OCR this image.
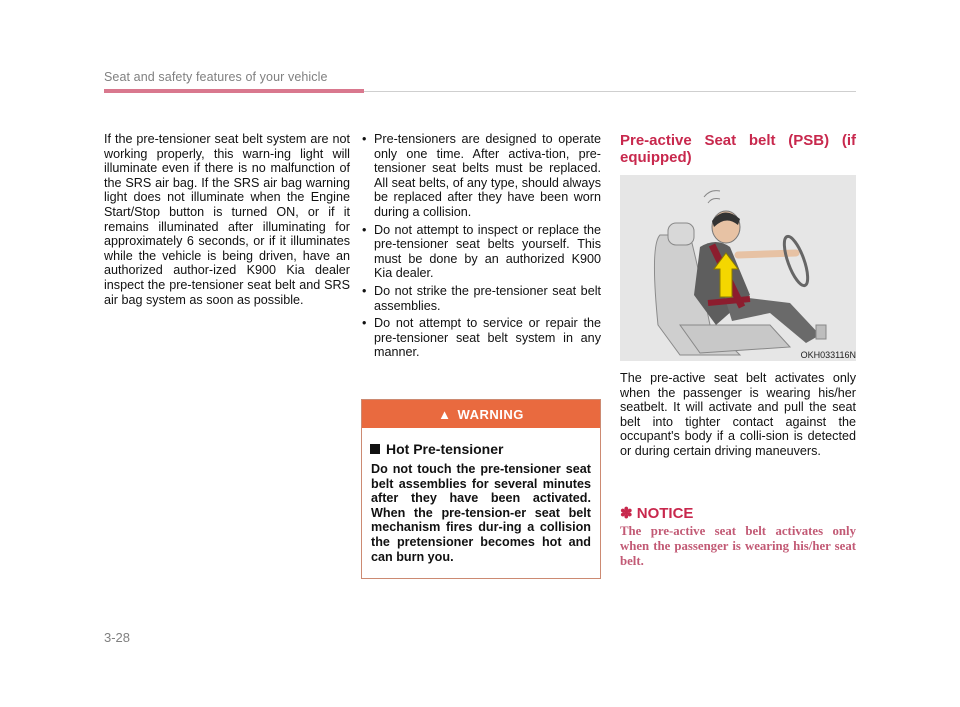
Seat and safety features of your vehicle

If the pre-tensioner seat belt system are not working properly, this warn-ing light will illuminate even if there is no malfunction of the SRS air bag. If the SRS air bag warning light does not illuminate when the Engine Start/Stop button is turned ON, or if it remains illuminated after illuminating for approximately 6 seconds, or if it illuminates while the vehicle is being driven, have an authorized author-ized K900 Kia dealer inspect the pre-tensioner seat belt and SRS air bag system as soon as possible.

• Pre-tensioners are designed to operate only one time. After activa-tion, pre-tensioner seat belts must be replaced. All seat belts, of any type, should always be replaced after they have been worn during a collision.
• Do not attempt to inspect or replace the pre-tensioner seat belts yourself. This must be done by an authorized K900 Kia dealer.
• Do not strike the pre-tensioner seat belt assemblies.
• Do not attempt to service or repair the pre-tensioner seat belt system in any manner.
▲ WARNING
Hot Pre-tensioner

Do not touch the pre-tensioner seat belt assemblies for several minutes after they have been activated. When the pre-tension-er seat belt mechanism fires dur-ing a collision the pretensioner becomes hot and can burn you.

Pre-active Seat belt (PSB) (if equipped)
OKH033116N

The pre-active seat belt activates only when the passenger is wearing his/her seatbelt. It will activate and pull the seat belt into tighter contact against the occupant's body if a colli-sion is detected or during certain driving maneuvers.

✽ NOTICE

The pre-active seat belt activates only when the passenger is wearing his/her seat belt.

3-28
